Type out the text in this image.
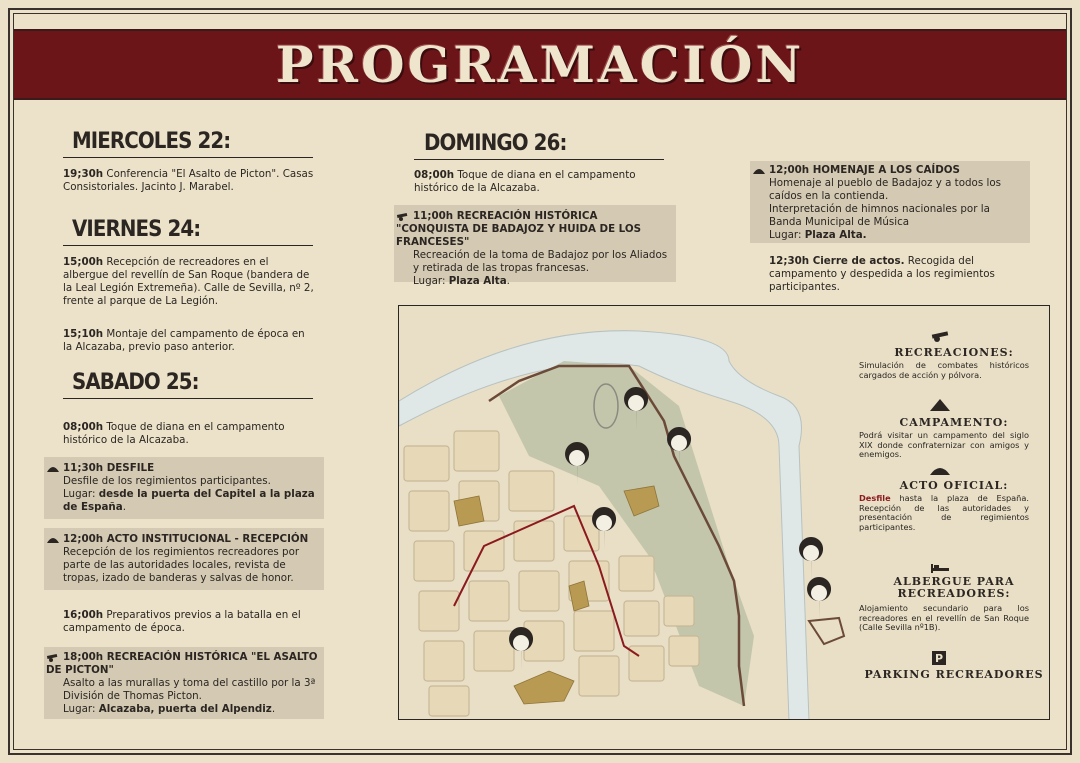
PROGRAMACIÓN
MIERCOLES 22:
19;30h Conferencia "El Asalto de Picton". Casas Consistoriales. Jacinto J. Marabel.
VIERNES 24:
15;00h Recepción de recreadores en el albergue del revellín de San Roque (bandera de la Leal Legión Extremeña). Calle de Sevilla, nº 2, frente al parque de La Legión.
15;10h Montaje del campamento de época en la Alcazaba, previo paso anterior.
SABADO 25:
08;00h Toque de diana en el campamento histórico de la Alcazaba.
11;30h DESFILE

Desfile de los regimientos participantes.
Lugar: desde la puerta del Capitel a la plaza de España.
12;00h ACTO INSTITUCIONAL - RECEPCIÓN
Recepción de los regimientos recreadores por parte de las autoridades locales, revista de tropas, izado de banderas y salvas de honor.
16;00h Preparativos previos a la batalla en el campamento de época.
18;00h RECREACIÓN HISTÓRICA "EL ASALTO DE PICTON"
Asalto a las murallas y toma del castillo por la 3ª División de Thomas Picton.
Lugar: Alcazaba, puerta del Alpendiz.
DOMINGO 26:
08;00h Toque de diana en el campamento histórico de la Alcazaba.
11;00h RECREACIÓN HISTÓRICA "CONQUISTA DE BADAJOZ Y HUIDA DE LOS FRANCESES"
Recreación de la toma de Badajoz por los Aliados y retirada de las tropas francesas.
Lugar: Plaza Alta.
12;00h HOMENAJE A LOS CAÍDOS
Homenaje al pueblo de Badajoz y a todos los caídos en la contienda.
Interpretación de himnos nacionales por la Banda Municipal de Música
Lugar: Plaza Alta.
12;30h Cierre de actos. Recogida del campamento y despedida a los regimientos participantes.
RECREACIONES:
Simulación de combates históricos cargados de acción y pólvora.
CAMPAMENTO:
Podrá visitar un campamento del siglo XIX donde confraternizar con amigos y enemigos.
ACTO OFICIAL:
Desfile hasta la plaza de España. Recepción de las autoridades y presentación de regimientos participantes.
ALBERGUE PARA
RECREADORES:
Alojamiento secundario para los recreadores en el revellín de San Roque (Calle Sevilla nº1B).
P
PARKING RECREADORES
